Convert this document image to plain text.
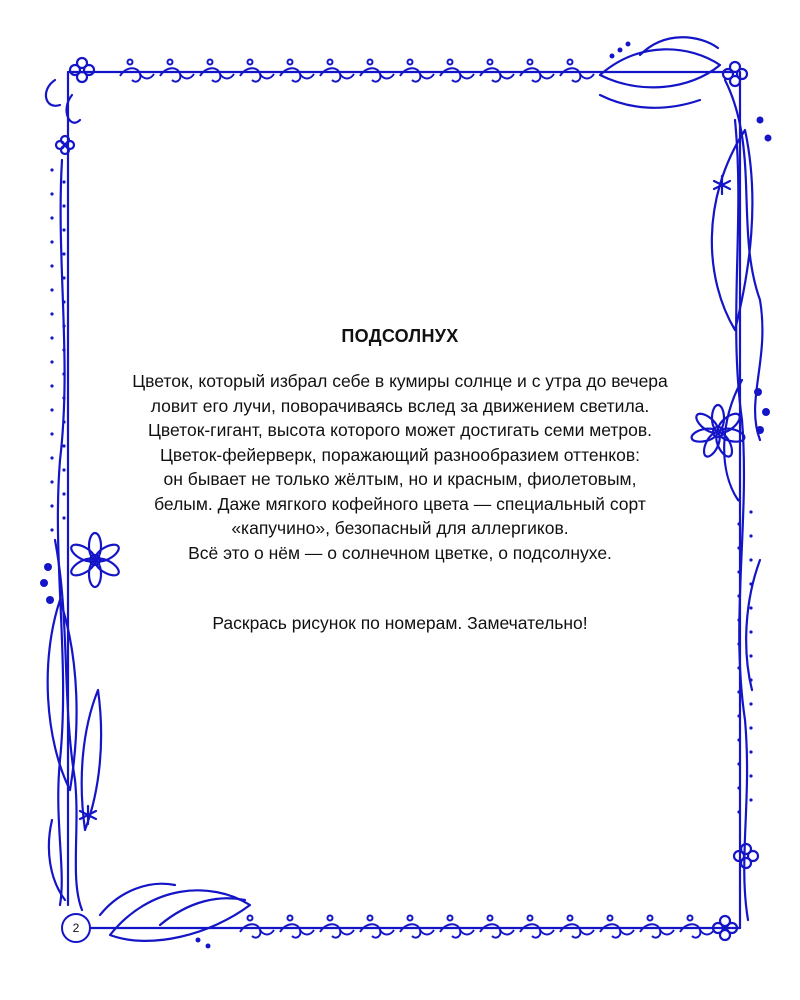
ПОДСОЛНУХ
Цветок, который избрал себе в кумиры солнце и с утра до вечера
ловит его лучи, поворачиваясь вслед за движением светила.
Цветок-гигант, высота которого может достигать семи метров.
Цветок-фейерверк, поражающий разнообразием оттенков:
он бывает не только жёлтым, но и красным, фиолетовым,
белым. Даже мягкого кофейного цвета — специальный сорт
«капучино», безопасный для аллергиков.
Всё это о нём — о солнечном цветке, о подсолнухе.
Раскрась рисунок по номерам. Замечательно!
2
